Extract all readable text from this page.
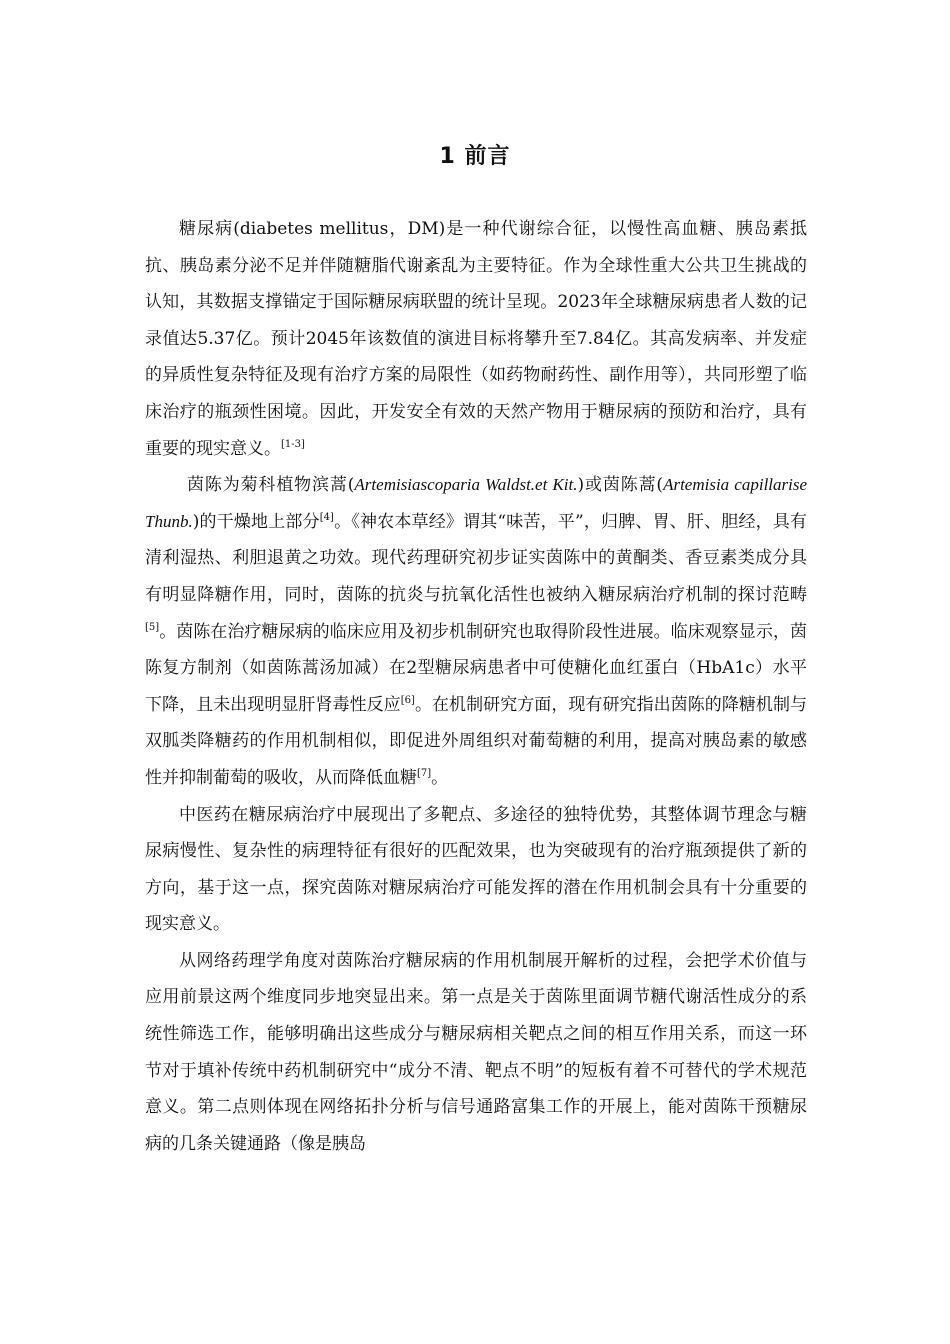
1 前言

糖尿病(diabetes mellitus，DM)是一种代谢综合征，以慢性高血糖、胰岛素抵抗、胰岛素分泌不足并伴随糖脂代谢紊乱为主要特征。作为全球性重大公共卫生挑战的认知，其数据支撑锚定于国际糖尿病联盟的统计呈现。2023年全球糖尿病患者人数的记录值达5.37亿。预计2045年该数值的演进目标将攀升至7.84亿。其高发病率、并发症的异质性复杂特征及现有治疗方案的局限性（如药物耐药性、副作用等），共同形塑了临床治疗的瓶颈性困境。因此，开发安全有效的天然产物用于糖尿病的预防和治疗，具有重要的现实意义。[1-3]

茵陈为菊科植物滨蒿(Artemisiascoparia Waldst.et Kit.)或茵陈蒿(Artemisia capillarise Thunb.)的干燥地上部分[4]。《神农本草经》谓其“味苦，平”，归脾、胃、肝、胆经，具有清利湿热、利胆退黄之功效。现代药理研究初步证实茵陈中的黄酮类、香豆素类成分具有明显降糖作用，同时，茵陈的抗炎与抗氧化活性也被纳入糖尿病治疗机制的探讨范畴[5]。茵陈在治疗糖尿病的临床应用及初步机制研究也取得阶段性进展。临床观察显示，茵陈复方制剂（如茵陈蒿汤加减）在2型糖尿病患者中可使糖化血红蛋白（HbA1c）水平下降，且未出现明显肝肾毒性反应[6]。在机制研究方面，现有研究指出茵陈的降糖机制与双胍类降糖药的作用机制相似，即促进外周组织对葡萄糖的利用，提高对胰岛素的敏感性并抑制葡萄的吸收，从而降低血糖[7]。

中医药在糖尿病治疗中展现出了多靶点、多途径的独特优势，其整体调节理念与糖尿病慢性、复杂性的病理特征有很好的匹配效果，也为突破现有的治疗瓶颈提供了新的方向，基于这一点，探究茵陈对糖尿病治疗可能发挥的潜在作用机制会具有十分重要的现实意义。

从网络药理学角度对茵陈治疗糖尿病的作用机制展开解析的过程，会把学术价值与应用前景这两个维度同步地突显出来。第一点是关于茵陈里面调节糖代谢活性成分的系统性筛选工作，能够明确出这些成分与糖尿病相关靶点之间的相互作用关系，而这一环节对于填补传统中药机制研究中“成分不清、靶点不明”的短板有着不可替代的学术规范意义。第二点则体现在网络拓扑分析与信号通路富集工作的开展上，能对茵陈干预糖尿病的几条关键通路（像是胰岛
